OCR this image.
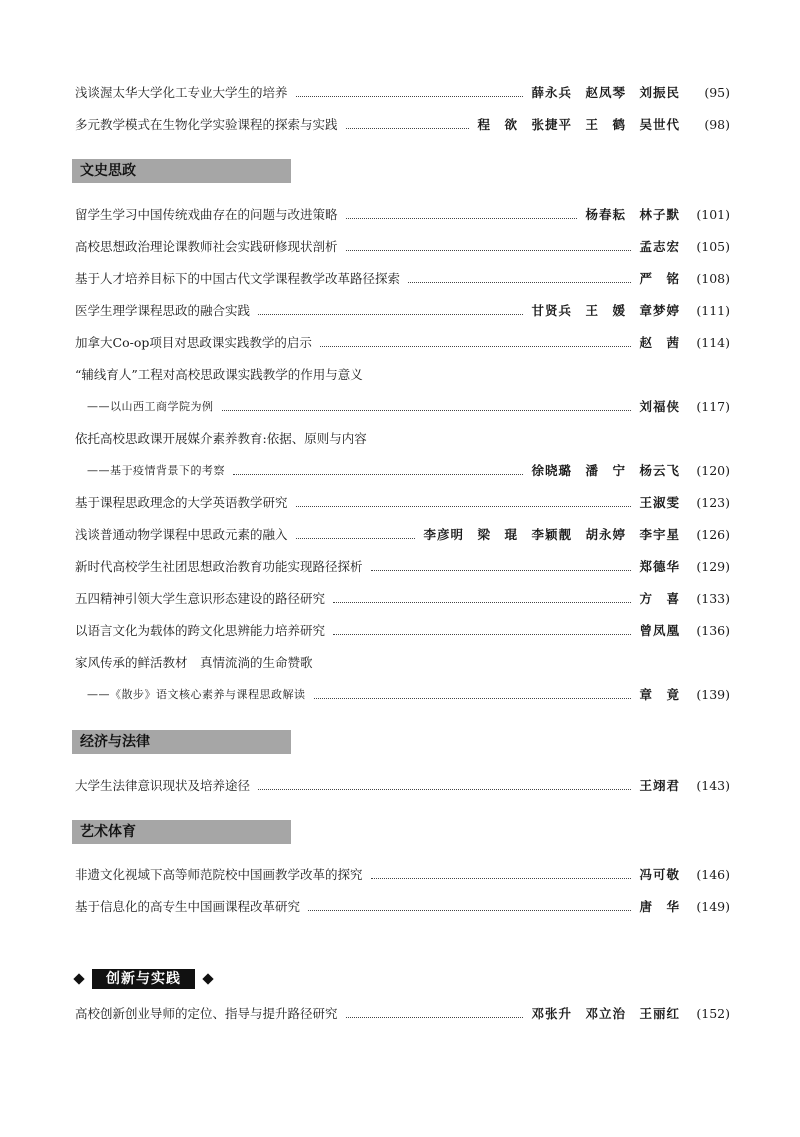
浅谈渥太华大学化工专业大学生的培养	薛永兵　赵凤琴　刘振民	(95)
多元教学模式在生物化学实验课程的探索与实践	程　欲　张捷平　王　鹤　吴世代	(98)
文史思政
留学生学习中国传统戏曲存在的问题与改进策略	杨春耘　林子默	(101)
高校思想政治理论课教师社会实践研修现状剖析	孟志宏	(105)
基于人才培养目标下的中国古代文学课程教学改革路径探索	严　铭	(108)
医学生理学课程思政的融合实践	甘贤兵　王　媛　章梦婷	(111)
加拿大Co-op项目对思政课实践教学的启示	赵　茜	(114)
“辅线育人”工程对高校思政课实践教学的作用与意义
——以山西工商学院为例	刘福侠	(117)
依托高校思政课开展媒介素养教育:依据、原则与内容
——基于疫情背景下的考察	徐晓璐　潘　宁　杨云飞	(120)
基于课程思政理念的大学英语教学研究	王淑雯	(123)
浅谈普通动物学课程中思政元素的融入	李彦明　梁　琨　李颖靓　胡永婷　李宇星	(126)
新时代高校学生社团思想政治教育功能实现路径探析	郑德华	(129)
五四精神引领大学生意识形态建设的路径研究	方　喜	(133)
以语言文化为载体的跨文化思辨能力培养研究	曾凤凰	(136)
家风传承的鲜活教材　真情流淌的生命赞歌
——《散步》语文核心素养与课程思政解读	章　竟	(139)
经济与法律
大学生法律意识现状及培养途径	王翊君	(143)
艺术体育
非遗文化视域下高等师范院校中国画教学改革的探究	冯可敬	(146)
基于信息化的高专生中国画课程改革研究	唐　华	(149)
创新与实践
高校创新创业导师的定位、指导与提升路径研究	邓张升　邓立治　王丽红	(152)
